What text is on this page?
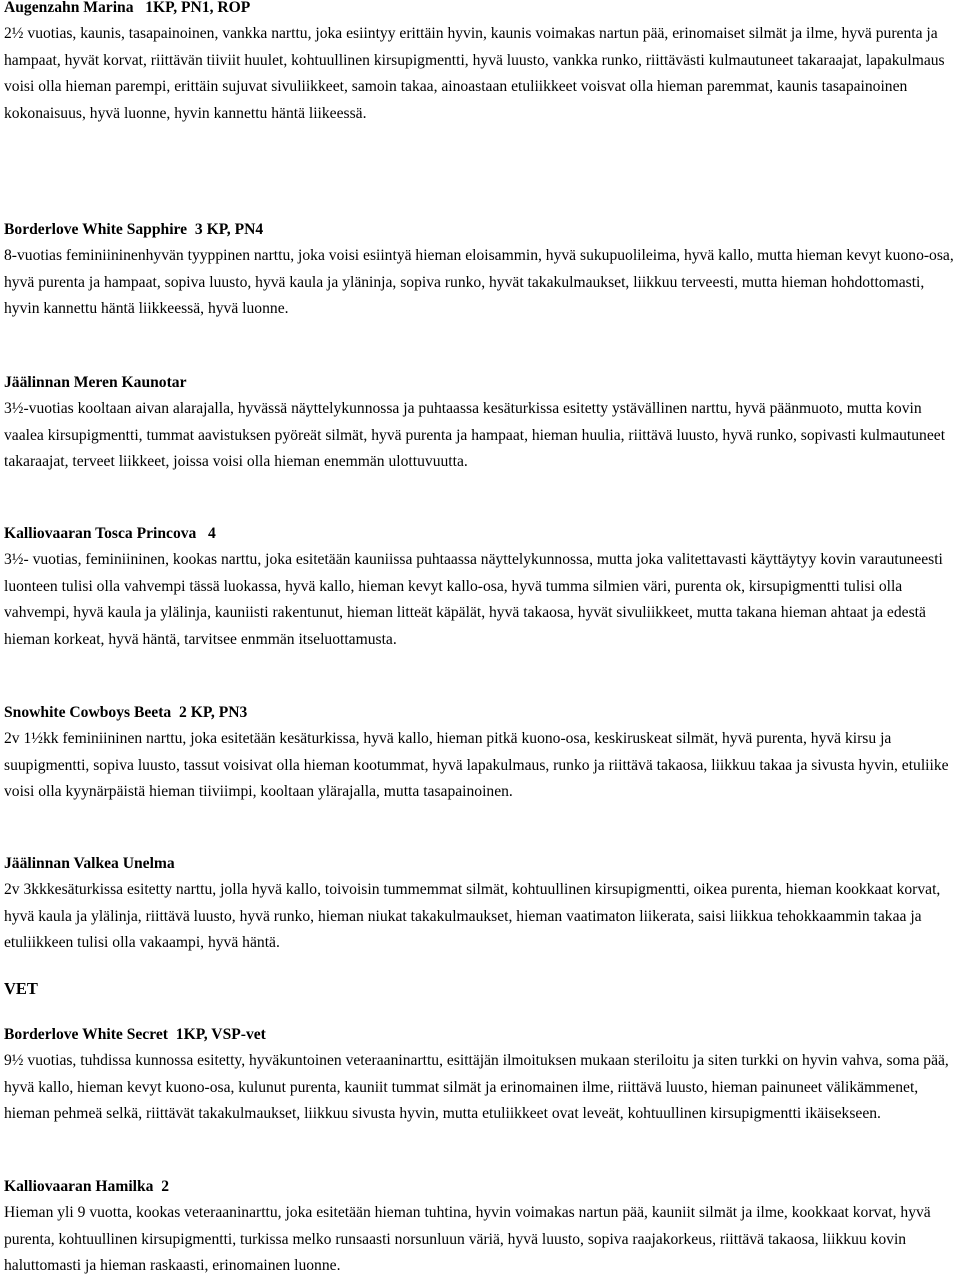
Augenzahn Marina   1KP, PN1, ROP
2½ vuotias, kaunis, tasapainoinen, vankka narttu, joka esiintyy erittäin hyvin, kaunis voimakas nartun pää, erinomaiset silmät ja ilme, hyvä purenta ja hampaat, hyvät korvat, riittävän tiiviit huulet, kohtuullinen kirsupigmentti, hyvä luusto, vankka runko, riittävästi kulmautuneet takaraajat, lapakulmaus voisi olla hieman parempi, erittäin sujuvat sivuliikkeet, samoin takaa, ainoastaan etuliikkeet voisvat olla hieman paremmat, kaunis tasapainoinen kokonaisuus, hyvä luonne, hyvin kannettu häntä liikeessä.
Borderlove White Sapphire  3 KP, PN4
8-vuotias feminiininenhyvän tyyppinen narttu, joka voisi esiintyä hieman eloisammin, hyvä sukupuolileima, hyvä kallo, mutta hieman kevyt kuono-osa, hyvä purenta ja hampaat, sopiva luusto, hyvä kaula ja yläninja, sopiva runko, hyvät takakulmaukset, liikkuu terveesti, mutta hieman hohdottomasti, hyvin kannettu häntä liikkeessä, hyvä luonne.
Jäälinnan Meren Kaunotar
3½-vuotias kooltaan aivan alarajalla, hyvässä näyttelykunnossa ja puhtaassa kesäturkissa esitetty ystävällinen narttu, hyvä päänmuoto, mutta kovin vaalea kirsupigmentti, tummat aavistuksen pyöreät silmät, hyvä purenta ja hampaat, hieman huulia, riittävä luusto, hyvä runko, sopivasti kulmautuneet takaraajat, terveet liikkeet, joissa voisi olla hieman enemmän ulottuvuutta.
Kalliovaaran Tosca Princova   4
3½- vuotias, feminiininen, kookas narttu, joka esitetään kauniissa puhtaassa näyttelykunnossa, mutta joka valitettavasti käyttäytyy kovin varautuneesti luonteen tulisi olla vahvempi tässä luokassa, hyvä kallo, hieman kevyt kallo-osa, hyvä tumma silmien väri, purenta ok, kirsupigmentti tulisi olla vahvempi, hyvä kaula ja ylälinja, kauniisti rakentunut, hieman litteät käpälät, hyvä takaosa, hyvät sivuliikkeet, mutta takana hieman ahtaat ja edestä hieman korkeat, hyvä häntä, tarvitsee enmmän itseluottamusta.
Snowhite Cowboys Beeta  2 KP, PN3
2v 1½kk feminiininen narttu, joka esitetään kesäturkissa, hyvä kallo, hieman pitkä kuono-osa, keskiruskeat silmät, hyvä purenta, hyvä kirsu ja suupigmentti, sopiva luusto, tassut voisivat olla hieman kootummat, hyvä lapakulmaus, runko ja riittävä takaosa, liikkuu takaa ja sivusta hyvin, etuliike voisi olla kyynärpäistä hieman tiiviimpi, kooltaan ylärajalla, mutta tasapainoinen.
Jäälinnan Valkea Unelma
2v 3kkkesäturkissa esitetty narttu, jolla hyvä kallo, toivoisin tummemmat silmät, kohtuullinen kirsupigmentti, oikea purenta, hieman kookkaat korvat, hyvä kaula ja ylälinja, riittävä luusto, hyvä runko, hieman niukat takakulmaukset, hieman vaatimaton liikerata, saisi liikkua tehokkaammin takaa ja etuliikkeen tulisi olla vakaampi, hyvä häntä.
VET
Borderlove White Secret  1KP, VSP-vet
9½ vuotias, tuhdissa kunnossa esitetty, hyväkuntoinen veteraaninarttu, esittäjän ilmoituksen mukaan steriloitu ja siten turkki on hyvin vahva, soma pää, hyvä kallo, hieman kevyt kuono-osa, kulunut purenta, kauniit tummat silmät ja erinomainen ilme, riittävä luusto, hieman painuneet välikämmenet, hieman pehmeä selkä, riittävät takakulmaukset, liikkuu sivusta hyvin, mutta etuliikkeet ovat leveät, kohtuullinen kirsupigmentti ikäisekseen.
Kalliovaaran Hamilka  2
Hieman yli 9 vuotta, kookas veteraaninarttu, joka esitetään hieman tuhtina, hyvin voimakas nartun pää, kauniit silmät ja ilme, kookkaat korvat, hyvä purenta, kohtuullinen kirsupigmentti, turkissa melko runsaasti norsunluun väriä, hyvä luusto, sopiva raajakorkeus, riittävä takaosa, liikkuu kovin haluttomasti ja hieman raskaasti, erinomainen luonne.
